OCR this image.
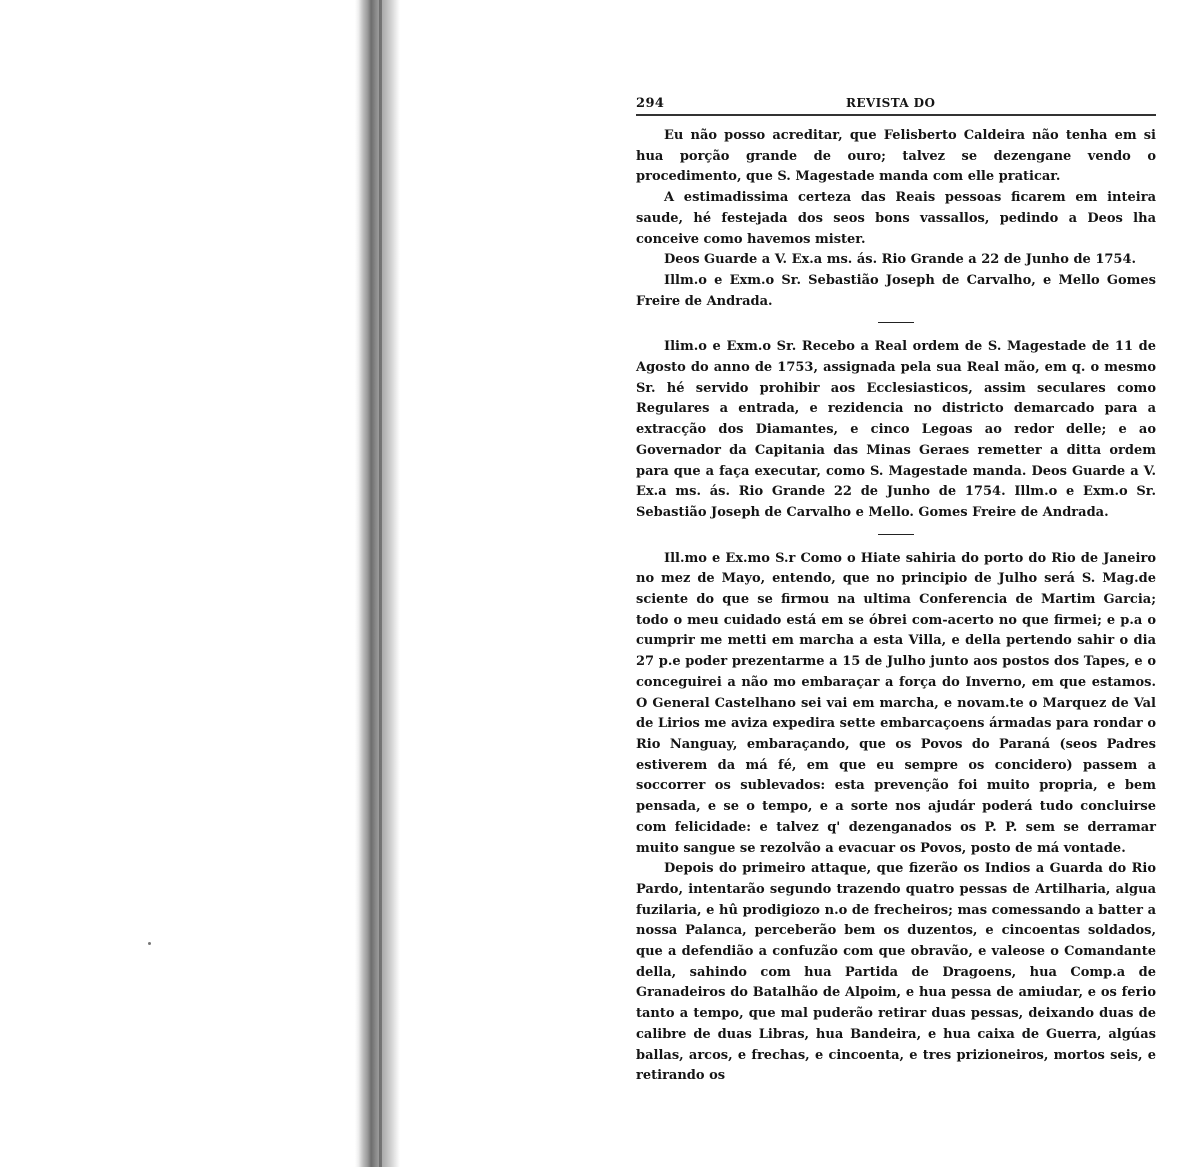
294	REVISTA DO

Eu não posso acreditar, que Felisberto Caldeira não tenha em si hua porção grande de ouro; talvez se dezengane vendo o procedimento, que S. Magestade manda com elle praticar.

A estimadissima certeza das Reais pessoas ficarem em inteira saude, hé festejada dos seos bons vassallos, pedindo a Deos lha conceive como havemos mister.

Deos Guarde a V. Ex.a ms. ás. Rio Grande a 22 de Junho de 1754.

Illm.o e Exm.o Sr. Sebastião Joseph de Carvalho, e Mello Gomes Freire de Andrada.

Ilim.o e Exm.o Sr. Recebo a Real ordem de S. Magestade de 11 de Agosto do anno de 1753, assignada pela sua Real mão, em q. o mesmo Sr. hé servido prohibir aos Ecclesiasticos, assim seculares como Regulares a entrada, e rezidencia no districto demarcado para a extracção dos Diamantes, e cinco Legoas ao redor delle; e ao Governador da Capitania das Minas Geraes remetter a ditta ordem para que a faça executar, como S. Magestade manda. Deos Guarde a V. Ex.a ms. ás. Rio Grande 22 de Junho de 1754. Illm.o e Exm.o Sr. Sebastião Joseph de Carvalho e Mello. Gomes Freire de Andrada.

Ill.mo e Ex.mo S.r Como o Hiate sahiria do porto do Rio de Janeiro no mez de Mayo, entendo, que no principio de Julho será S. Mag.de sciente do que se firmou na ultima Conferencia de Martim Garcia; todo o meu cuidado está em se óbrei com-acerto no que firmei; e p.a o cumprir me metti em marcha a esta Villa, e della pertendo sahir o dia 27 p.e poder prezentarme a 15 de Julho junto aos postos dos Tapes, e o conceguirei a não mo embaraçar a força do Inverno, em que estamos. O General Castelhano sei vai em marcha, e novam.te o Marquez de Val de Lirios me aviza expedira sette embarcaçoens ármadas para rondar o Rio Nanguay, embaraçando, que os Povos do Paraná (seos Padres estiverem da má fé, em que eu sempre os concidero) passem a soccorrer os sublevados: esta prevenção foi muito propria, e bem pensada, e se o tempo, e a sorte nos ajudár poderá tudo concluirse com felicidade: e talvez q' dezenganados os P. P. sem se derramar muito sangue se rezolvão a evacuar os Povos, posto de má vontade.

Depois do primeiro attaque, que fizerão os Indios a Guarda do Rio Pardo, intentarão segundo trazendo quatro pessas de Artilharia, algua fuzilaria, e hû prodigiozo n.o de frecheiros; mas comessando a batter a nossa Palanca, perceberão bem os duzentos, e cincoentas soldados, que a defendião a confuzão com que obravão, e valeose o Comandante della, sahindo com hua Partida de Dragoens, hua Comp.a de Granadeiros do Batalhão de Alpoim, e hua pessa de amiudar, e os ferio tanto a tempo, que mal puderão retirar duas pessas, deixando duas de calibre de duas Libras, hua Bandeira, e hua caixa de Guerra, algúas ballas, arcos, e frechas, e cincoenta, e tres prizioneiros, mortos seis, e retirando os
